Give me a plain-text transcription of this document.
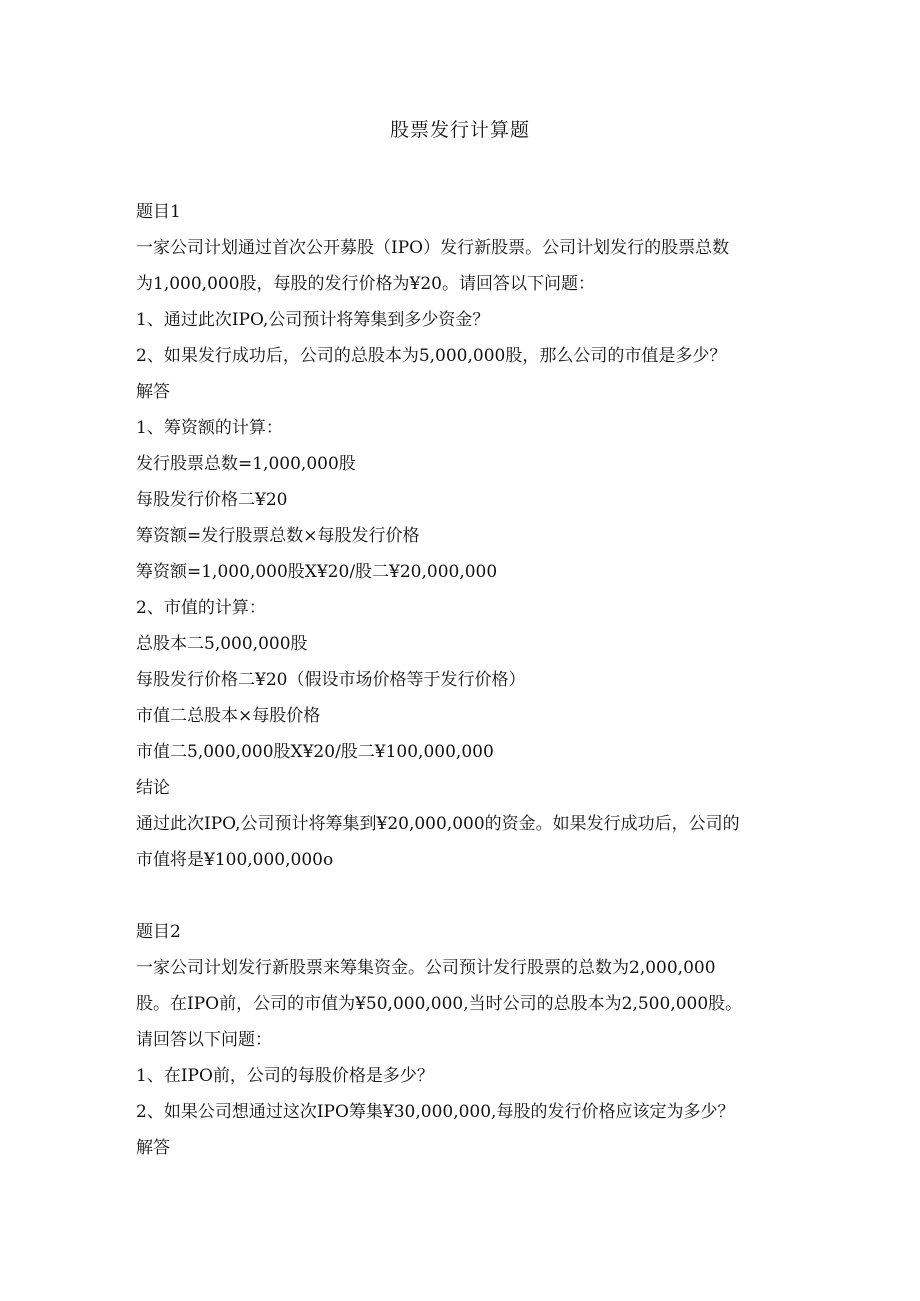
股票发行计算题
题目1
一家公司计划通过首次公开募股（IPO）发行新股票。公司计划发行的股票总数
为1,000,000股，每股的发行价格为¥20。请回答以下问题：
1、通过此次IPO,公司预计将筹集到多少资金？
2、如果发行成功后，公司的总股本为5,000,000股，那么公司的市值是多少？
解答
1、筹资额的计算：
发行股票总数=1,000,000股
每股发行价格二¥20
筹资额=发行股票总数×每股发行价格
筹资额=1,000,000股X¥20/股二¥20,000,000
2、市值的计算：
总股本二5,000,000股
每股发行价格二¥20（假设市场价格等于发行价格）
市值二总股本×每股价格
市值二5,000,000股X¥20/股二¥100,000,000
结论
通过此次IPO,公司预计将筹集到¥20,000,000的资金。如果发行成功后，公司的
市值将是¥100,000,000o
题目2
一家公司计划发行新股票来筹集资金。公司预计发行股票的总数为2,000,000
股。在IPO前，公司的市值为¥50,000,000,当时公司的总股本为2,500,000股。
请回答以下问题：
1、在IPO前，公司的每股价格是多少？
2、如果公司想通过这次IPO筹集¥30,000,000,每股的发行价格应该定为多少？
解答
